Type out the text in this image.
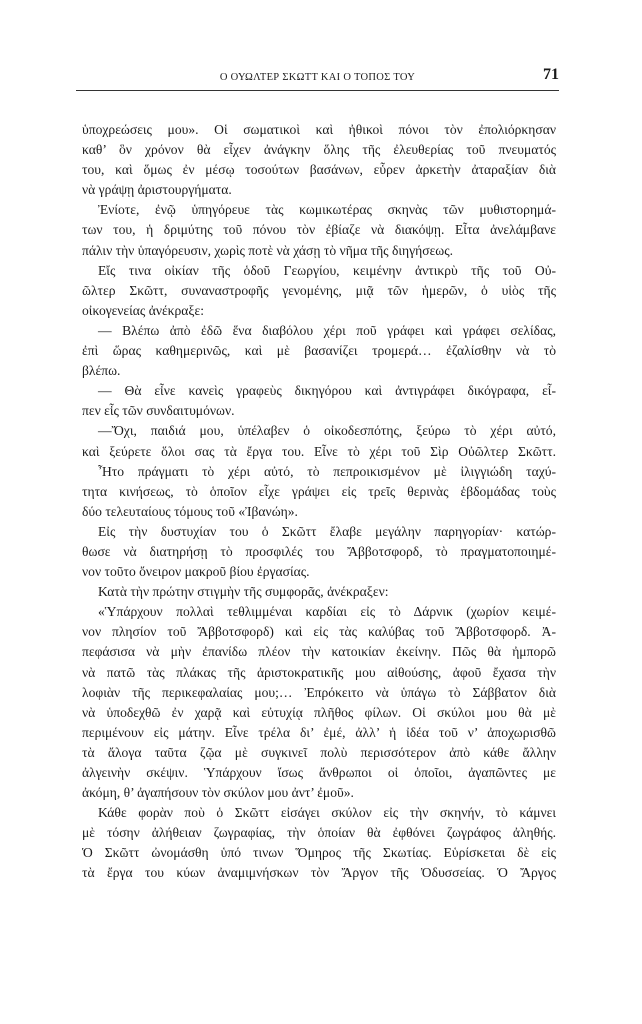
Ο ΟΥΩΛΤΕΡ ΣΚΩΤΤ ΚΑΙ Ο ΤΟΠΟΣ ΤΟΥ	71
ὑποχρεώσεις μου». Οἱ σωματικοὶ καὶ ἠθικοὶ πόνοι τὸν ἐπολιόρκησαν
καθ’ ὃν χρόνον θὰ εἶχεν ἀνάγκην ὅλης τῆς ἐλευθερίας τοῦ πνευματός
του, καὶ ὅμως ἐν μέσῳ τοσούτων βασάνων, εὗρεν ἀρκετὴν ἀταραξίαν διὰ
νὰ γράψῃ ἀριστουργήματα.
Ἐνίοτε, ἐνῷ ὑπηγόρευε τὰς κωμικωτέρας σκηνὰς τῶν μυθιστορημά-
των του, ἡ δριμύτης τοῦ πόνου τὸν ἐβίαζε νὰ διακόψῃ. Εἶτα ἀνελάμβανε
πάλιν τὴν ὑπαγόρευσιν, χωρὶς ποτὲ νὰ χάσῃ τὸ νῆμα τῆς διηγήσεως.
Εἴς τινα οἰκίαν τῆς ὁδοῦ Γεωργίου, κειμένην ἀντικρὺ τῆς τοῦ Οὐ-
ῶλτερ Σκῶττ, συναναστροφῆς γενομένης, μιᾷ τῶν ἡμερῶν, ὁ υἱὸς τῆς
οἰκογενείας ἀνέκραξε:
— Βλέπω ἀπὸ ἐδῶ ἕνα διαβόλου χέρι ποῦ γράφει καὶ γράφει σελίδας,
ἐπὶ ὥρας καθημερινῶς, καὶ μὲ βασανίζει τρομερά… ἐζαλίσθην νὰ τὸ
βλέπω.
— Θὰ εἶνε κανεὶς γραφεὺς δικηγόρου καὶ ἀντιγράφει δικόγραφα, εἶ-
πεν εἷς τῶν συνδαιτυμόνων.
—Ὄχι, παιδιά μου, ὑπέλαβεν ὁ οἰκοδεσπότης, ξεύρω τὸ χέρι αὐτό,
καὶ ξεύρετε ὅλοι σας τὰ ἔργα του. Εἶνε τὸ χέρι τοῦ Σὶρ Οὐῶλτερ Σκῶττ.
Ἦτο πράγματι τὸ χέρι αὐτό, τὸ πεπροικισμένον μὲ ἰλιγγιώδη ταχύ-
τητα κινήσεως, τὸ ὁποῖον εἶχε γράψει εἰς τρεῖς θερινὰς ἑβδομάδας τοὺς
δύο τελευταίους τόμους τοῦ «Ἰβανώη».
Εἰς τὴν δυστυχίαν του ὁ Σκῶττ ἔλαβε μεγάλην παρηγορίαν· κατώρ-
θωσε νὰ διατηρήσῃ τὸ προσφιλές του Ἄββοτσφορδ, τὸ πραγματοποιημέ-
νον τοῦτο ὄνειρον μακροῦ βίου ἐργασίας.
Κατὰ τὴν πρώτην στιγμὴν τῆς συμφορᾶς, ἀνέκραξεν:
«Ὑπάρχουν πολλαὶ τεθλιμμέναι καρδίαι εἰς τὸ Δάρνικ (χωρίον κειμέ-
νον πλησίον τοῦ Ἄββοτσφορδ) καὶ εἰς τὰς καλύβας τοῦ Ἄββοτσφορδ. Ἀ-
πεφάσισα νὰ μὴν ἐπανίδω πλέον τὴν κατοικίαν ἐκείνην. Πῶς θὰ ἠμπορῶ
νὰ πατῶ τὰς πλάκας τῆς ἀριστοκρατικῆς μου αἰθούσης, ἀφοῦ ἔχασα τὴν
λοφιὰν τῆς περικεφαλαίας μου;… Ἐπρόκειτο νὰ ὑπάγω τὸ Σάββατον διὰ
νὰ ὑποδεχθῶ ἐν χαρᾷ καὶ εὐτυχίᾳ πλῆθος φίλων. Οἱ σκύλοι μου θὰ μὲ
περιμένουν εἰς μάτην. Εἶνε τρέλα δι’ ἐμέ, ἀλλ’ ἡ ἰδέα τοῦ ν’ ἀποχωρισθῶ
τὰ ἄλογα ταῦτα ζῷα μὲ συγκινεῖ πολὺ περισσότερον ἀπὸ κάθε ἄλλην
ἀλγεινὴν σκέψιν. Ὑπάρχουν ἴσως ἄνθρωποι οἱ ὁποῖοι, ἀγαπῶντες με
ἀκόμη, θ’ ἀγαπήσουν τὸν σκύλον μου ἀντ’ ἐμοῦ».
Κάθε φορὰν ποὺ ὁ Σκῶττ εἰσάγει σκύλον εἰς τὴν σκηνήν, τὸ κάμνει
μὲ τόσην ἀλήθειαν ζωγραφίας, τὴν ὁποίαν θὰ ἐφθόνει ζωγράφος ἀληθής.
Ὁ Σκῶττ ὠνομάσθη ὑπό τινων Ὅμηρος τῆς Σκωτίας. Εὑρίσκεται δὲ εἰς
τὰ ἔργα του κύων ἀναμιμνήσκων τὸν Ἄργον τῆς Ὀδυσσείας. Ὁ Ἄργος
